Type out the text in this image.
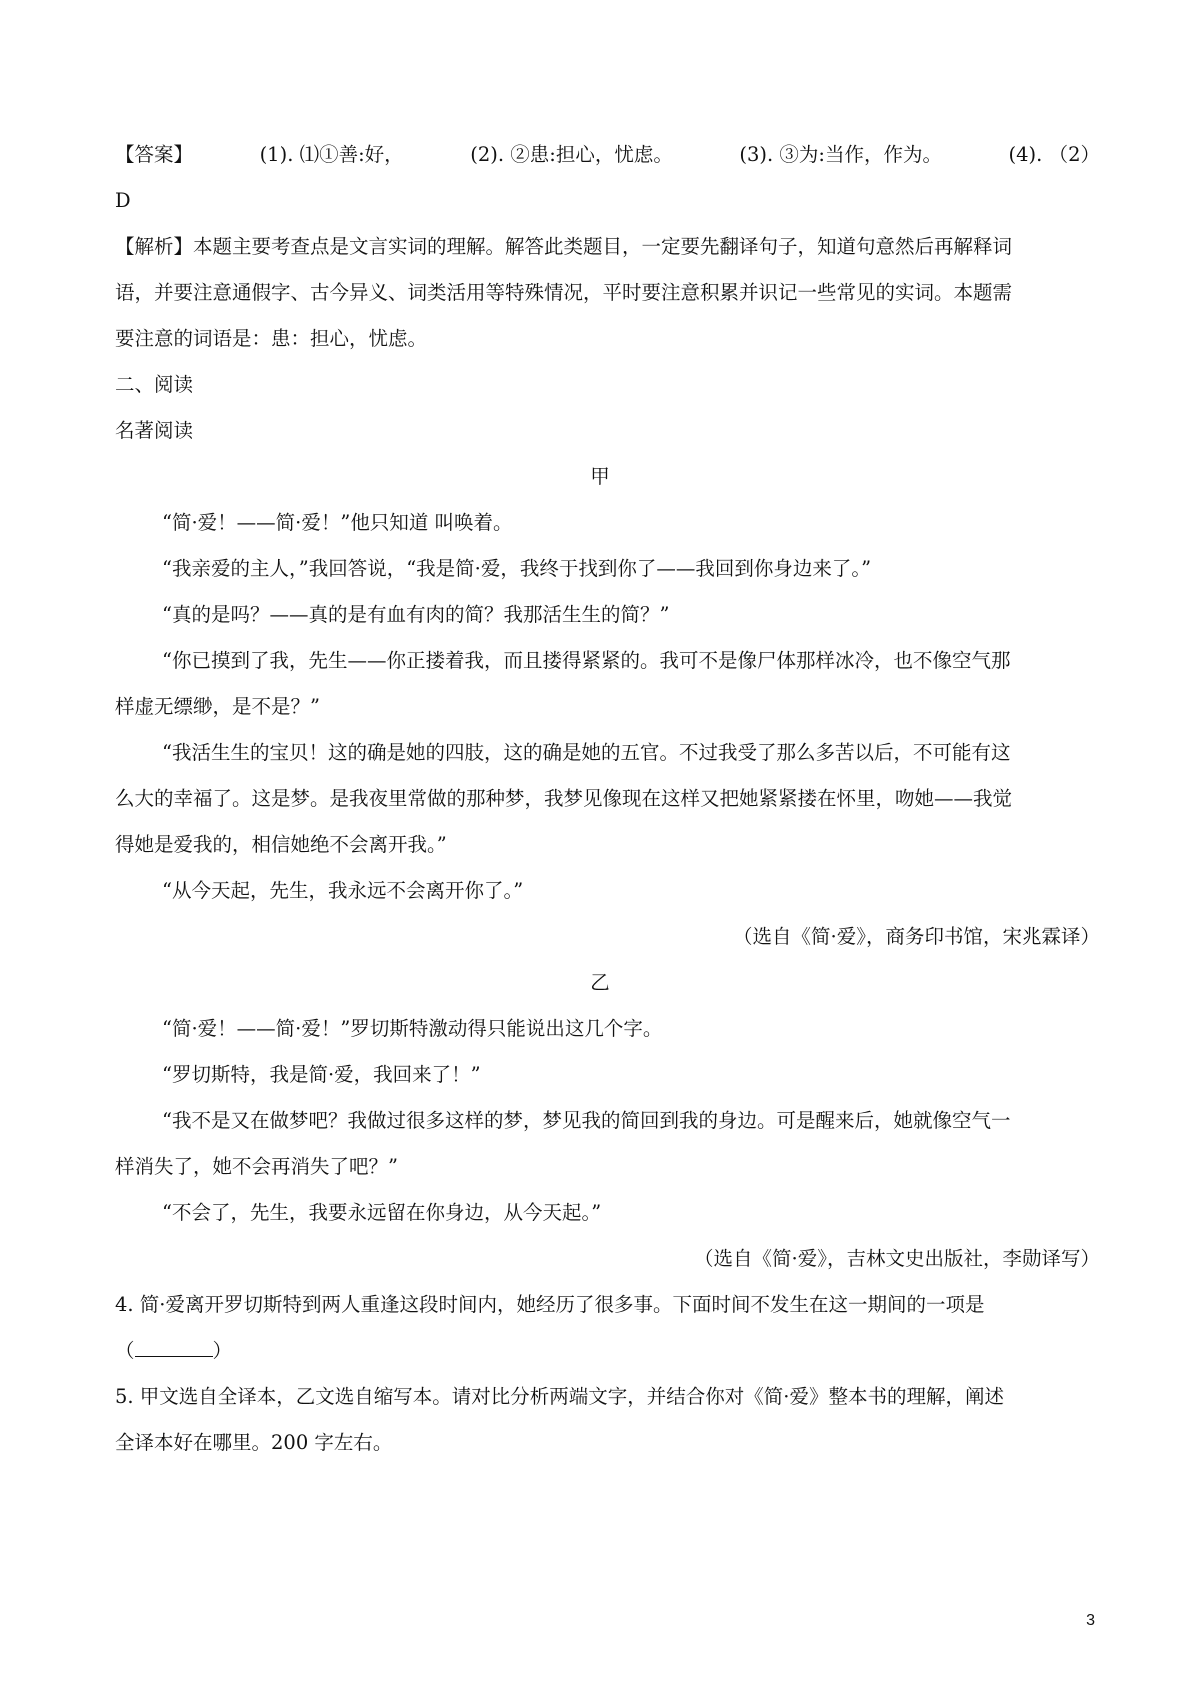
【答案】	(1). ⑴①善:好，	(2). ②患:担心，忧虑。	(3). ③为:当作，作为。	(4). （2）
D
【解析】本题主要考查点是文言实词的理解。解答此类题目，一定要先翻译句子，知道句意然后再解释词
语，并要注意通假字、古今异义、词类活用等特殊情况，平时要注意积累并识记一些常见的实词。本题需
要注意的词语是：患：担心，忧虑。
二、阅读
名著阅读
甲
“简·爱！——简·爱！”他只知道 叫唤着。
“我亲爱的主人，”我回答说，“我是简·爱，我终于找到你了——我回到你身边来了。”
“真的是吗？——真的是有血有肉的简？我那活生生的简？”
“你已摸到了我，先生——你正搂着我，而且搂得紧紧的。我可不是像尸体那样冰冷，也不像空气那
样虚无缥缈，是不是？”
“我活生生的宝贝！这的确是她的四肢，这的确是她的五官。不过我受了那么多苦以后，不可能有这
么大的幸福了。这是梦。是我夜里常做的那种梦，我梦见像现在这样又把她紧紧搂在怀里，吻她——我觉
得她是爱我的，相信她绝不会离开我。”
“从今天起，先生，我永远不会离开你了。”
（选自《简·爱》，商务印书馆，宋兆霖译）
乙
“简·爱！——简·爱！”罗切斯特激动得只能说出这几个字。
“罗切斯特，我是简·爱，我回来了！”
“我不是又在做梦吧？我做过很多这样的梦，梦见我的简回到我的身边。可是醒来后，她就像空气一
样消失了，她不会再消失了吧？”
“不会了，先生，我要永远留在你身边，从今天起。”
（选自《简·爱》，吉林文史出版社，李勋译写）
4. 简·爱离开罗切斯特到两人重逢这段时间内，她经历了很多事。下面时间不发生在这一期间的一项是
（	）
5. 甲文选自全译本，乙文选自缩写本。请对比分析两端文字，并结合你对《简·爱》整本书的理解，阐述
全译本好在哪里。200 字左右。
3
